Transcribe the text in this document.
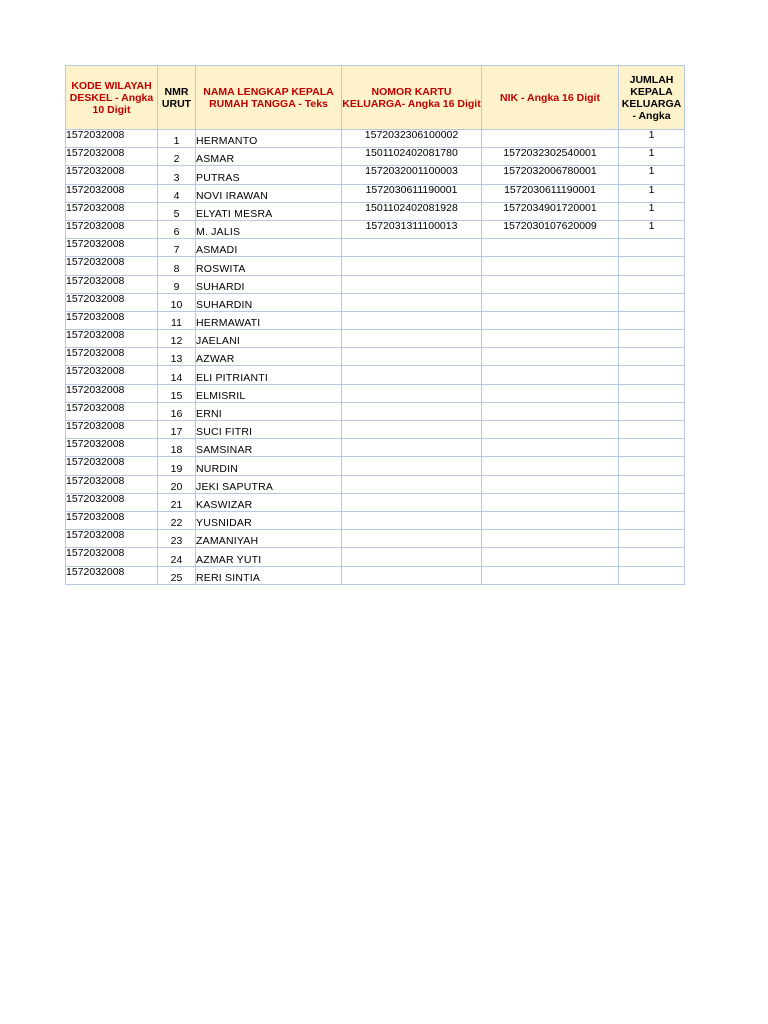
KODE WILAYAH DESKEL - Angka 10 Digit	NMR URUT	NAMA LENGKAP KEPALA RUMAH TANGGA - Teks	NOMOR KARTU KELUARGA- Angka 16 Digit	NIK - Angka 16 Digit	JUMLAH KEPALA KELUARGA - Angka
1572032008	1	HERMANTO	1572032306100002		1
1572032008	2	ASMAR	1501102402081780	1572032302540001	1
1572032008	3	PUTRAS	1572032001100003	1572032006780001	1
1572032008	4	NOVI IRAWAN	1572030611190001	1572030611190001	1
1572032008	5	ELYATI MESRA	1501102402081928	1572034901720001	1
1572032008	6	M. JALIS	1572031311100013	1572030107620009	1
1572032008	7	ASMADI			
1572032008	8	ROSWITA			
1572032008	9	SUHARDI			
1572032008	10	SUHARDIN			
1572032008	11	HERMAWATI			
1572032008	12	JAELANI			
1572032008	13	AZWAR			
1572032008	14	ELI PITRIANTI			
1572032008	15	ELMISRIL			
1572032008	16	ERNI			
1572032008	17	SUCI FITRI			
1572032008	18	SAMSINAR			
1572032008	19	NURDIN			
1572032008	20	JEKI SAPUTRA			
1572032008	21	KASWIZAR			
1572032008	22	YUSNIDAR			
1572032008	23	ZAMANIYAH			
1572032008	24	AZMAR YUTI			
1572032008	25	RERI SINTIA			
